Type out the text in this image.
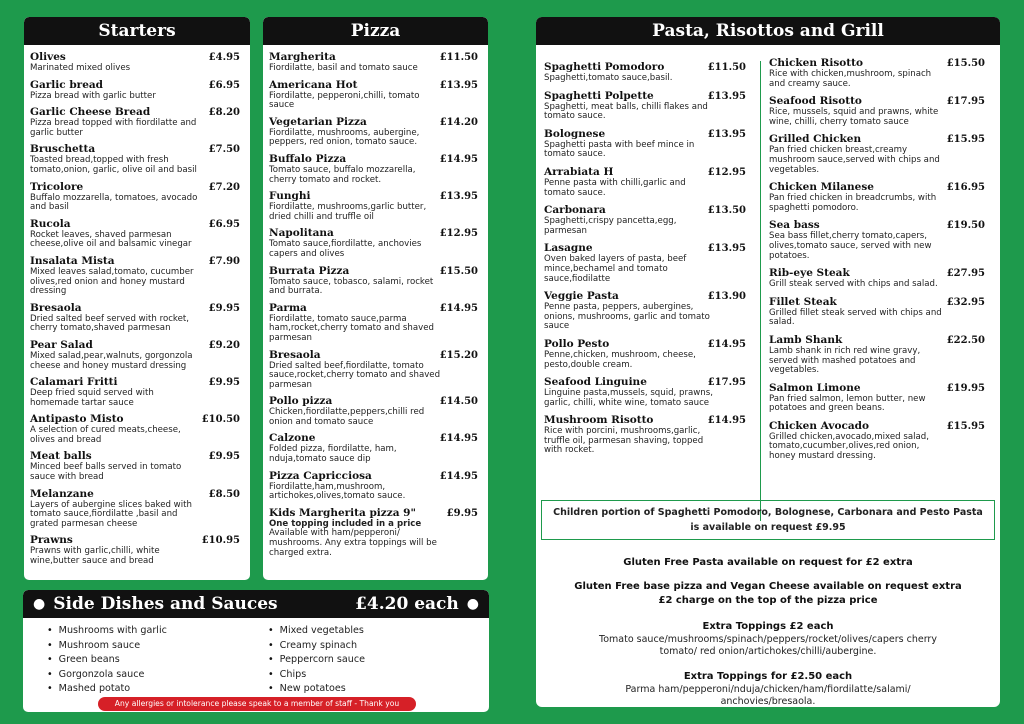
Starters
Olives	£4.95
Marinated mixed olives
Garlic bread	£6.95
Pizza bread with garlic butter
Garlic Cheese Bread	£8.20
Pizza bread topped with fiordilatte and garlic butter
Bruschetta	£7.50
Toasted bread,topped with fresh tomato,onion, garlic, olive oil and basil
Tricolore	£7.20
Buffalo mozzarella, tomatoes, avocado and basil
Rucola	£6.95
Rocket leaves, shaved parmesan cheese,olive oil and balsamic vinegar
Insalata Mista	£7.90
Mixed leaves salad,tomato, cucumber olives,red onion and honey mustard dressing
Bresaola	£9.95
Dried salted beef served with rocket, cherry tomato,shaved parmesan
Pear Salad	£9.20
Mixed salad,pear,walnuts, gorgonzola cheese and honey mustard dressing
Calamari Fritti	£9.95
Deep fried squid served with homemade tartar sauce
Antipasto Misto	£10.50
A selection of cured meats,cheese, olives and bread
Meat balls	£9.95
Minced beef balls served in tomato sauce with bread
Melanzane	£8.50
Layers of aubergine slices baked with tomato sauce,fiordilatte ,basil and grated parmesan cheese
Prawns	£10.95
Prawns with garlic,chilli, white wine,butter sauce and bread
Pizza
Margherita	£11.50
Fiordilatte, basil and tomato sauce
Americana Hot	£13.95
Fiordilatte, pepperoni,chilli, tomato sauce
Vegetarian Pizza	£14.20
Fiordilatte, mushrooms, aubergine, peppers, red onion, tomato sauce.
Buffalo Pizza	£14.95
Tomato sauce, buffalo mozzarella, cherry tomato and rocket.
Funghi	£13.95
Fiordilatte, mushrooms,garlic butter, dried chilli and truffle oil
Napolitana	£12.95
Tomato sauce,fiordilatte, anchovies capers and olives
Burrata Pizza	£15.50
Tomato sauce, tobasco, salami, rocket and burrata.
Parma	£14.95
Fiordilatte, tomato sauce,parma ham,rocket,cherry tomato and shaved parmesan
Bresaola	£15.20
Dried salted beef,fiordilatte, tomato sauce,rocket,cherry tomato and shaved parmesan
Pollo pizza	£14.50
Chicken,fiordilatte,peppers,chilli red onion and tomato sauce
Calzone	£14.95
Folded pizza, fiordilatte, ham, nduja,tomato sauce dip
Pizza Capricciosa	£14.95
Fiordilatte,ham,mushroom, artichokes,olives,tomato sauce.
Kids Margherita pizza 9"	£9.95
One topping included in a price
Available with ham/pepperoni/ mushrooms. Any extra toppings will be charged extra.
● Side Dishes and Sauces	£4.20 each ●
• Mushrooms with garlic
• Mushroom sauce
• Green beans
• Gorgonzola sauce
• Mashed potato
• Mixed vegetables
• Creamy spinach
• Peppercorn sauce
• Chips
• New potatoes
Any allergies or intolerance please speak to a member of staff - Thank you
Pasta, Risottos and Grill
Spaghetti Pomodoro	£11.50
Spaghetti,tomato sauce,basil.
Spaghetti Polpette	£13.95
Spaghetti, meat balls, chilli flakes and tomato sauce.
Bolognese	£13.95
Spaghetti pasta with beef mince in tomato sauce.
Arrabiata H	£12.95
Penne pasta with chilli,garlic and tomato sauce.
Carbonara	£13.50
Spaghetti,crispy pancetta,egg, parmesan
Lasagne	£13.95
Oven baked layers of pasta, beef mince,bechamel and tomato sauce,fiodilatte
Veggie Pasta	£13.90
Penne pasta, peppers, aubergines, onions, mushrooms, garlic and tomato sauce
Pollo Pesto	£14.95
Penne,chicken, mushroom, cheese, pesto,double cream.
Seafood Linguine	£17.95
Linguine pasta,mussels, squid, prawns, garlic, chilli, white wine, tomato sauce
Mushroom Risotto	£14.95
Rice with porcini, mushrooms,garlic, truffle oil, parmesan shaving, topped with rocket.
Chicken Risotto	£15.50
Rice with chicken,mushroom, spinach and creamy sauce.
Seafood Risotto	£17.95
Rice, mussels, squid and prawns, white wine, chilli, cherry tomato sauce
Grilled Chicken	£15.95
Pan fried chicken breast,creamy mushroom sauce,served with chips and vegetables.
Chicken Milanese	£16.95
Pan fried chicken in breadcrumbs, with spaghetti pomodoro.
Sea bass	£19.50
Sea bass fillet,cherry tomato,capers, olives,tomato sauce, served with new potatoes.
Rib-eye Steak	£27.95
Grill steak served with chips and salad.
Fillet Steak	£32.95
Grilled fillet steak served with chips and salad.
Lamb Shank	£22.50
Lamb shank in rich red wine gravy, served with mashed potatoes and vegetables.
Salmon Limone	£19.95
Pan fried salmon, lemon butter, new potatoes and green beans.
Chicken Avocado	£15.95
Grilled chicken,avocado,mixed salad, tomato,cucumber,olives,red onion, honey mustard dressing.
Children portion of Spaghetti Pomodoro, Bolognese, Carbonara and Pesto Pasta is available on request £9.95
Gluten Free Pasta available on request for £2 extra
Gluten Free base pizza and Vegan Cheese available on request extra £2 charge on the top of the pizza price
Extra Toppings £2 each
Tomato sauce/mushrooms/spinach/peppers/rocket/olives/capers cherry tomato/ red onion/artichokes/chilli/aubergine.
Extra Toppings for £2.50 each
Parma ham/pepperoni/nduja/chicken/ham/fiordilatte/salami/ anchovies/bresaola.
